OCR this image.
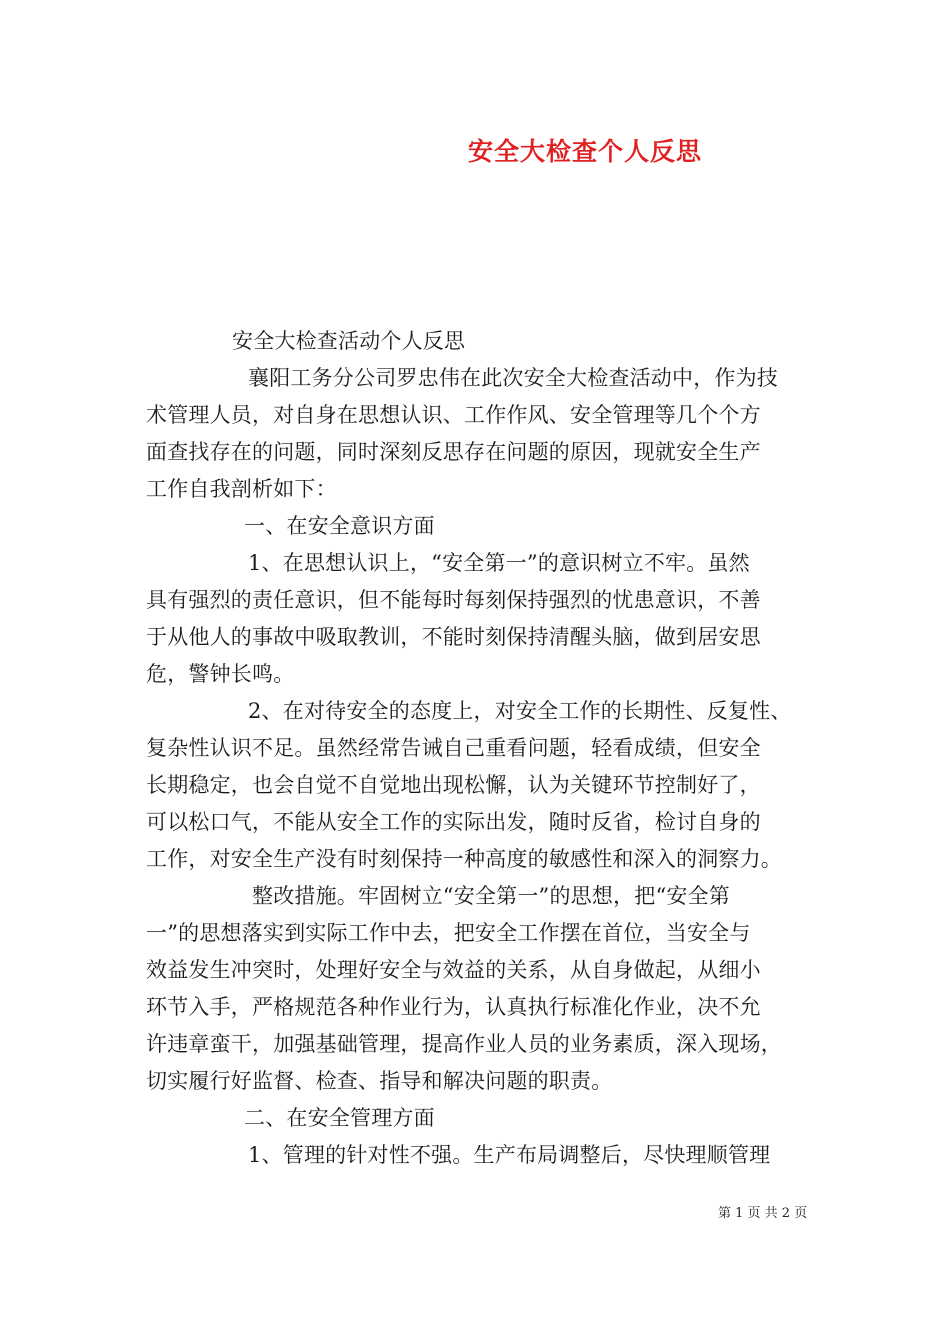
安全大检查个人反思
安全大检查活动个人反思
襄阳工务分公司罗忠伟在此次安全大检查活动中，作为技
术管理人员，对自身在思想认识、工作作风、安全管理等几个个方
面查找存在的问题，同时深刻反思存在问题的原因，现就安全生产
工作自我剖析如下：
一、在安全意识方面
1、在思想认识上，“安全第一”的意识树立不牢。虽然
具有强烈的责任意识，但不能每时每刻保持强烈的忧患意识，不善
于从他人的事故中吸取教训，不能时刻保持清醒头脑，做到居安思
危，警钟长鸣。
2、在对待安全的态度上，对安全工作的长期性、反复性、
复杂性认识不足。虽然经常告诫自己重看问题，轻看成绩，但安全
长期稳定，也会自觉不自觉地出现松懈，认为关键环节控制好了，
可以松口气，不能从安全工作的实际出发，随时反省，检讨自身的
工作，对安全生产没有时刻保持一种高度的敏感性和深入的洞察力。
整改措施。牢固树立“安全第一”的思想，把“安全第
一”的思想落实到实际工作中去，把安全工作摆在首位，当安全与
效益发生冲突时，处理好安全与效益的关系，从自身做起，从细小
环节入手，严格规范各种作业行为，认真执行标准化作业，决不允
许违章蛮干，加强基础管理，提高作业人员的业务素质，深入现场，
切实履行好监督、检查、指导和解决问题的职责。
二、在安全管理方面
1、管理的针对性不强。生产布局调整后，尽快理顺管理
第 1 页 共 2 页
